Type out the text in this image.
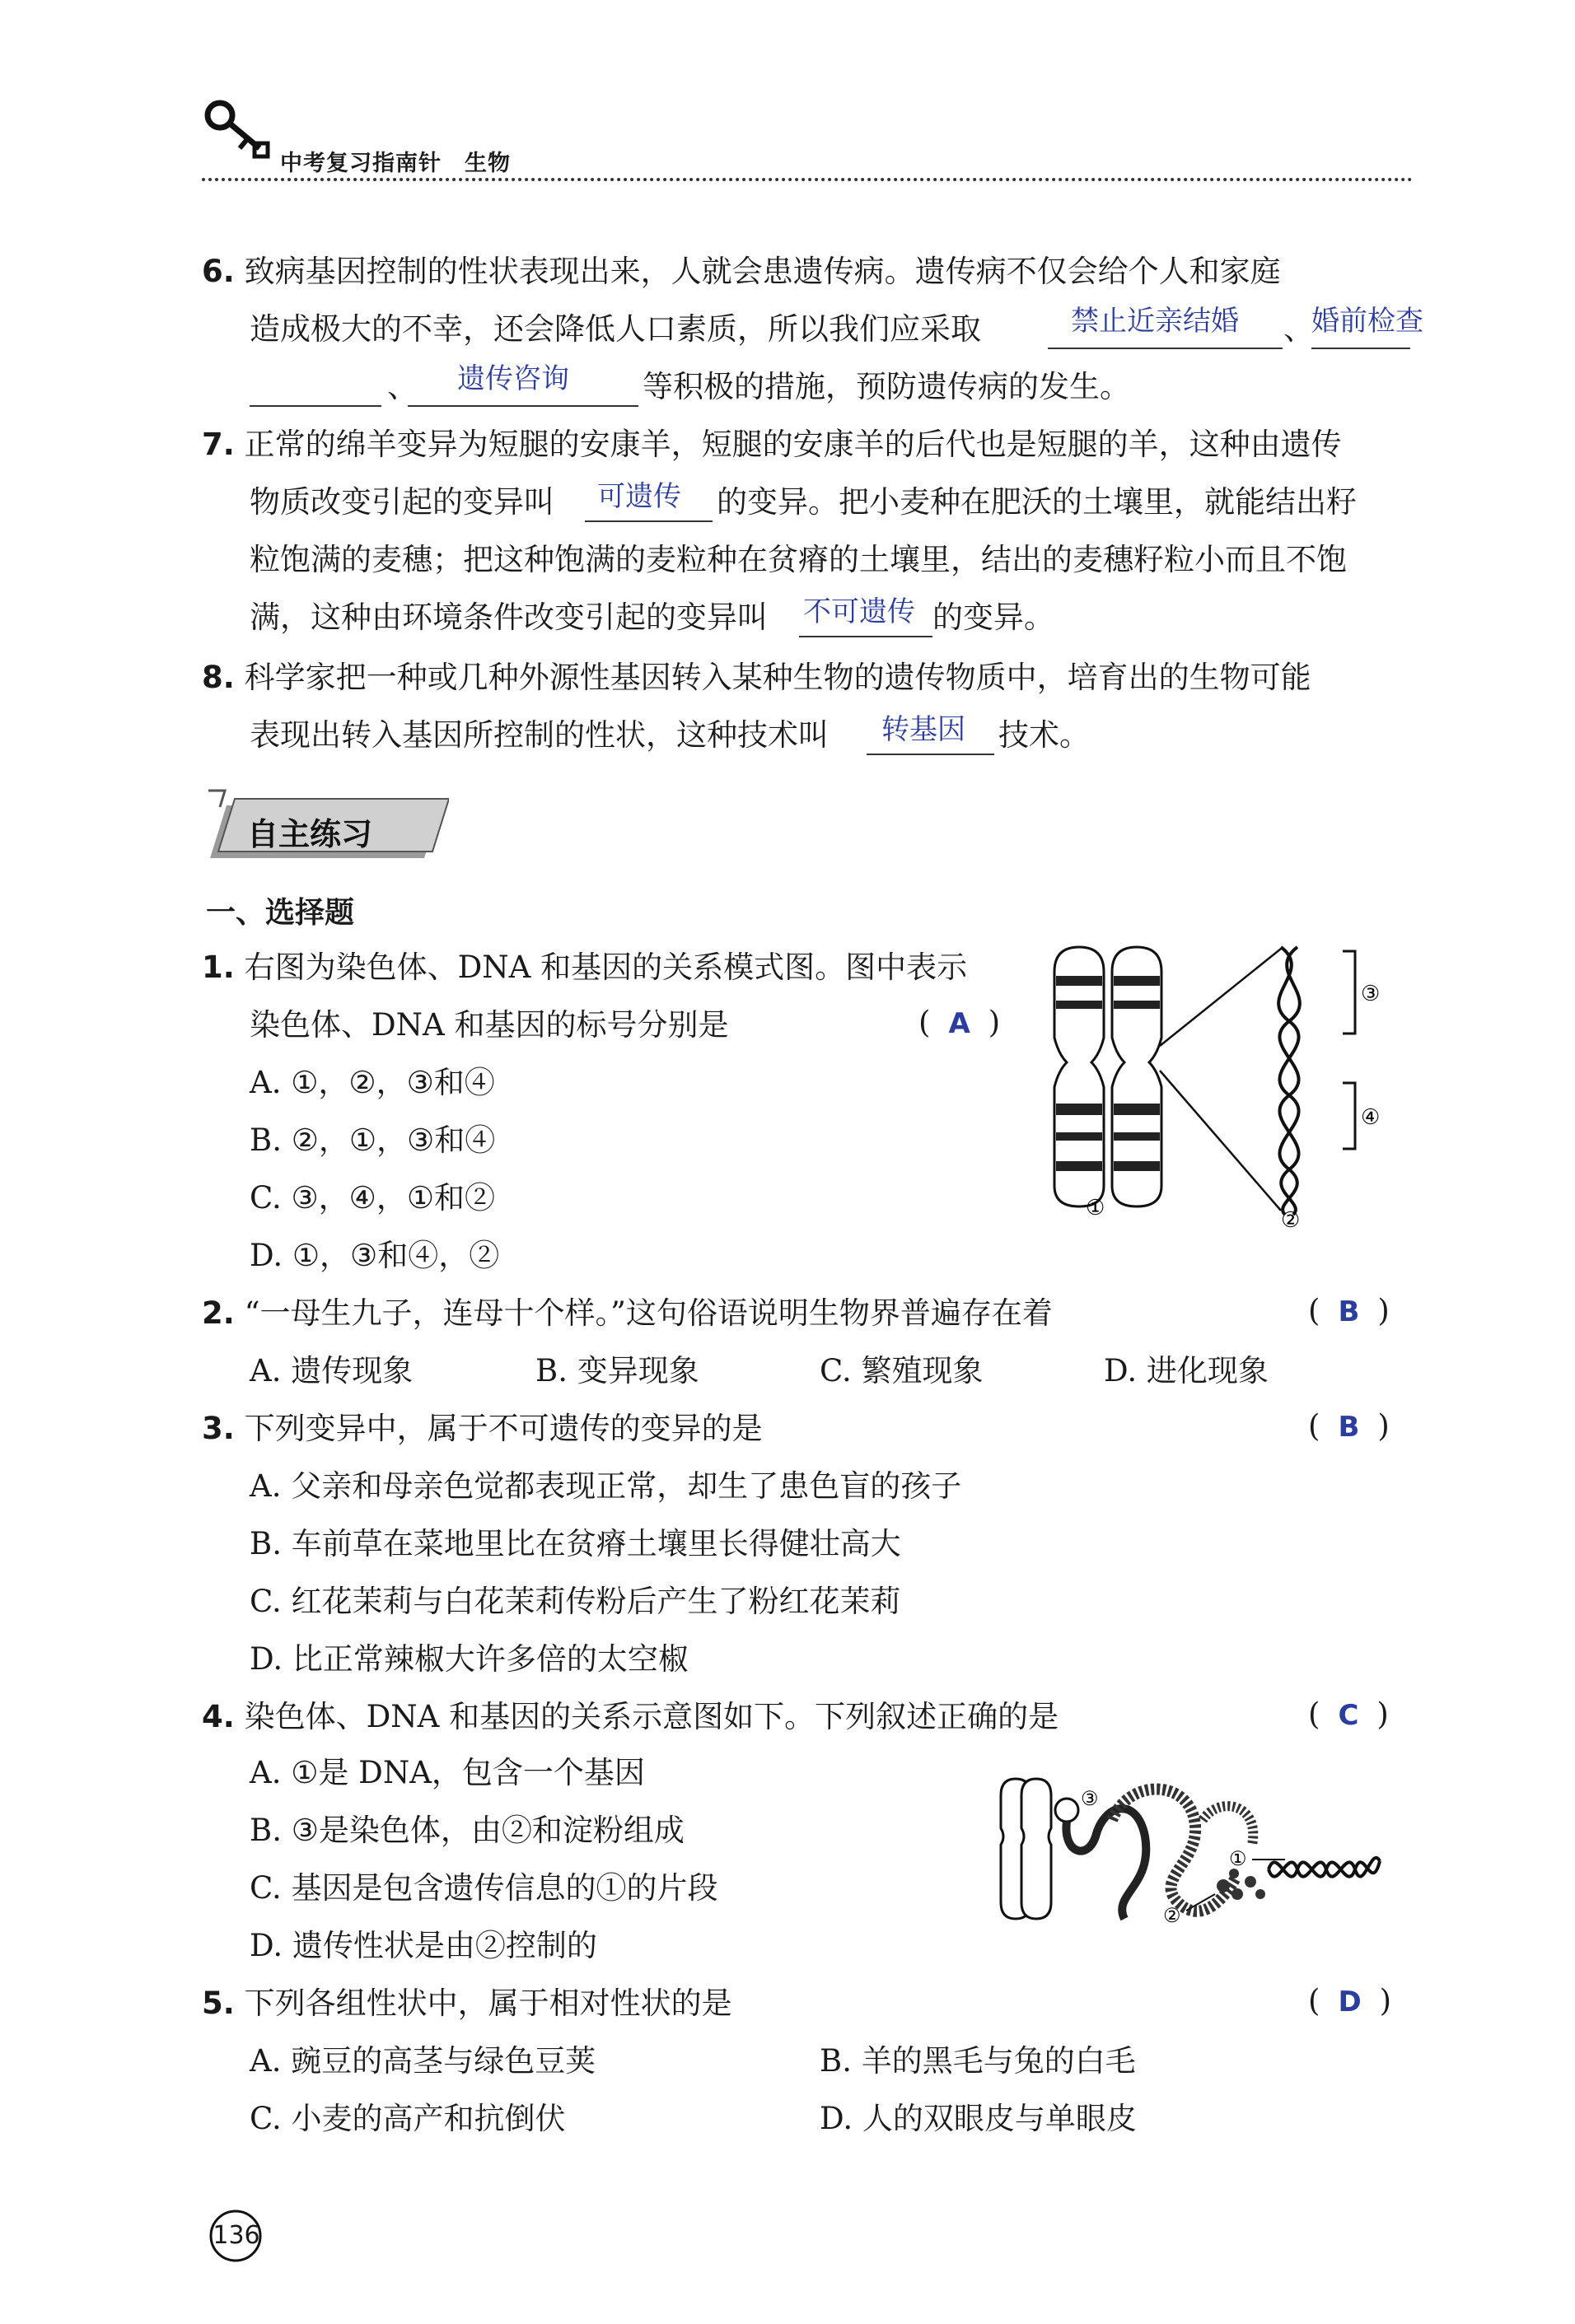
中考复习指南针　生物
6. 致病基因控制的性状表现出来，人就会患遗传病。遗传病不仅会给个人和家庭
造成极大的不幸，还会降低人口素质，所以我们应采取	禁止近亲结婚 、
婚前检查
、 遗传咨询 等积极的措施，预防遗传病的发生。
7. 正常的绵羊变异为短腿的安康羊，短腿的安康羊的后代也是短腿的羊，这种由遗传
物质改变引起的变异叫 可遗传 的变异。把小麦种在肥沃的土壤里，就能结出籽
粒饱满的麦穗；把这种饱满的麦粒种在贫瘠的土壤里，结出的麦穗籽粒小而且不饱
满，这种由环境条件改变引起的变异叫 不可遗传 的变异。
8. 科学家把一种或几种外源性基因转入某种生物的遗传物质中，培育出的生物可能
表现出转入基因所控制的性状，这种技术叫 转基因 技术。
自主练习
一、选择题
1. 右图为染色体、DNA 和基因的关系模式图。图中表示
染色体、DNA 和基因的标号分别是	( A )
A. ①，②，③和④
B. ②，①，③和④
C. ③，④，①和②
D. ①，③和④，②
③
④
①	②
2. “一母生九子，连母十个样。”这句俗语说明生物界普遍存在着	( B )
A. 遗传现象	B. 变异现象	C. 繁殖现象	D. 进化现象
3. 下列变异中，属于不可遗传的变异的是	( B )
A. 父亲和母亲色觉都表现正常，却生了患色盲的孩子
B. 车前草在菜地里比在贫瘠土壤里长得健壮高大
C. 红花茉莉与白花茉莉传粉后产生了粉红花茉莉
D. 比正常辣椒大许多倍的太空椒
4. 染色体、DNA 和基因的关系示意图如下。下列叙述正确的是	( C )
A. ①是 DNA，包含一个基因
B. ③是染色体，由②和淀粉组成
C. 基因是包含遗传信息的①的片段
D. 遗传性状是由②控制的
③
①
②
5. 下列各组性状中，属于相对性状的是	( D )
A. 豌豆的高茎与绿色豆荚	B. 羊的黑毛与兔的白毛
C. 小麦的高产和抗倒伏	D. 人的双眼皮与单眼皮
136
